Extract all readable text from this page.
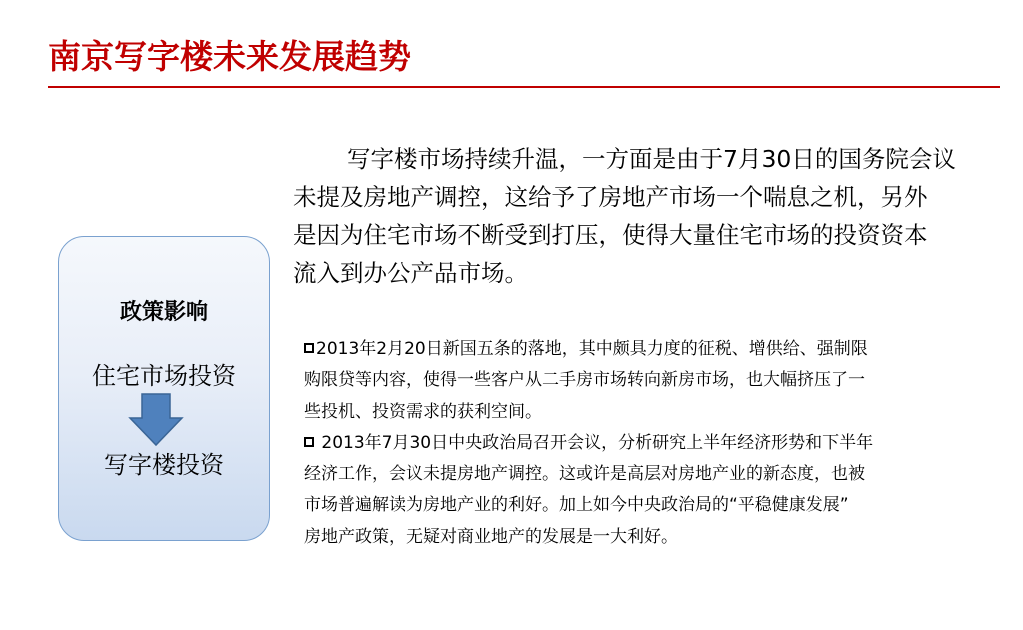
南京写字楼未来发展趋势
政策影响
住宅市场投资
写字楼投资

写字楼市场持续升温，一方面是由于7月30日的国务院会议
未提及房地产调控，这给予了房地产市场一个喘息之机，另外
是因为住宅市场不断受到打压，使得大量住宅市场的投资资本
流入到办公产品市场。

2013年2月20日新国五条的落地，其中颇具力度的征税、增供给、强制限
购限贷等内容，使得一些客户从二手房市场转向新房市场，也大幅挤压了一
些投机、投资需求的获利空间。
2013年7月30日中央政治局召开会议，分析研究上半年经济形势和下半年
经济工作，会议未提房地产调控。这或许是高层对房地产业的新态度，也被
市场普遍解读为房地产业的利好。加上如今中央政治局的“平稳健康发展”
房地产政策，无疑对商业地产的发展是一大利好。
